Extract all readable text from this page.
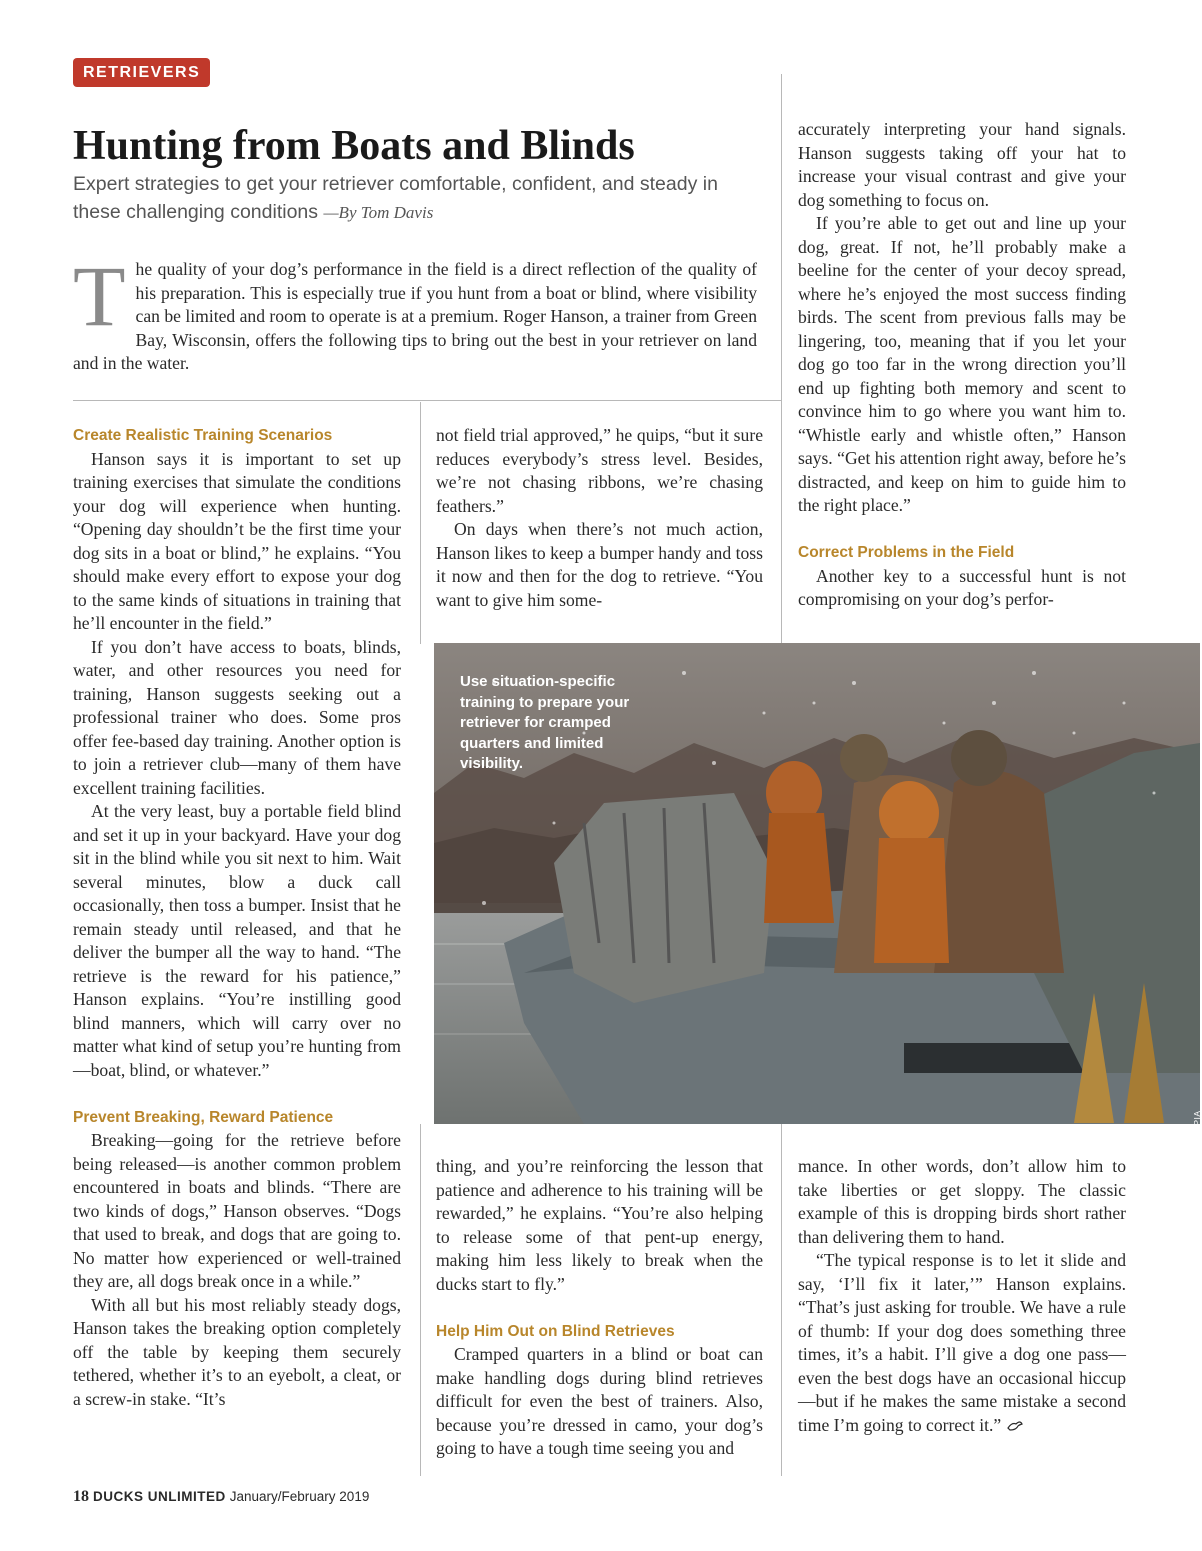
RETRIEVERS
Hunting from Boats and Blinds
Expert strategies to get your retriever comfortable, confident, and steady in these challenging conditions —By Tom Davis
The quality of your dog’s performance in the field is a direct reflection of the quality of his preparation. This is especially true if you hunt from a boat or blind, where visibility can be limited and room to operate is at a premium. Roger Hanson, a trainer from Green Bay, Wisconsin, offers the following tips to bring out the best in your retriever on land and in the water.
Create Realistic Training Scenarios

Hanson says it is important to set up training exercises that simulate the conditions your dog will experience when hunting. “Opening day shouldn’t be the first time your dog sits in a boat or blind,” he explains. “You should make every effort to expose your dog to the same kinds of situations in training that he’ll encounter in the field.”

If you don’t have access to boats, blinds, water, and other resources you need for training, Hanson suggests seeking out a professional trainer who does. Some pros offer fee-based day training. Another option is to join a retriever club—many of them have excellent training facilities.

At the very least, buy a portable field blind and set it up in your backyard. Have your dog sit in the blind while you sit next to him. Wait several minutes, blow a duck call occasionally, then toss a bumper. Insist that he remain steady until released, and that he deliver the bumper all the way to hand. “The retrieve is the reward for his patience,” Hanson explains. “You’re instilling good blind manners, which will carry over no matter what kind of setup you’re hunting from—boat, blind, or whatever.”

Prevent Breaking, Reward Patience

Breaking—going for the retrieve before being released—is another common problem encountered in boats and blinds. “There are two kinds of dogs,” Hanson observes. “Dogs that used to break, and dogs that are going to. No matter how experienced or well-trained they are, all dogs break once in a while.”

With all but his most reliably steady dogs, Hanson takes the breaking option completely off the table by keeping them securely tethered, whether it’s to an eyebolt, a cleat, or a screw-in stake. “It’s

not field trial approved,” he quips, “but it sure reduces everybody’s stress level. Besides, we’re not chasing ribbons, we’re chasing feathers.”

On days when there’s not much action, Hanson likes to keep a bumper handy and toss it now and then for the dog to retrieve. “You want to give him some-

accurately interpreting your hand signals. Hanson suggests taking off your hat to increase your visual contrast and give your dog something to focus on.

If you’re able to get out and line up your dog, great. If not, he’ll probably make a beeline for the center of your decoy spread, where he’s enjoyed the most success finding birds. The scent from previous falls may be lingering, too, meaning that if you let your dog go too far in the wrong direction you’ll end up fighting both memory and scent to convince him to go where you want him to. “Whistle early and whistle often,” Hanson says. “Get his attention right away, before he’s distracted, and keep on him to guide him to the right place.”

Correct Problems in the Field

Another key to a successful hunt is not compromising on your dog’s perfor-

Use situation-specific training to prepare your retriever for cramped quarters and limited visibility.
TONY ZAPPIA

thing, and you’re reinforcing the lesson that patience and adherence to his training will be rewarded,” he explains. “You’re also helping to release some of that pent-up energy, making him less likely to break when the ducks start to fly.”

Help Him Out on Blind Retrieves

Cramped quarters in a blind or boat can make handling dogs during blind retrieves difficult for even the best of trainers. Also, because you’re dressed in camo, your dog’s going to have a tough time seeing you and

mance. In other words, don’t allow him to take liberties or get sloppy. The classic example of this is dropping birds short rather than delivering them to hand.

“The typical response is to let it slide and say, ‘I’ll fix it later,’” Hanson explains. “That’s just asking for trouble. We have a rule of thumb: If your dog does something three times, it’s a habit. I’ll give a dog one pass—even the best dogs have an occasional hiccup—but if he makes the same mistake a second time I’m going to correct it.”

18 DUCKS UNLIMITED January/February 2019
